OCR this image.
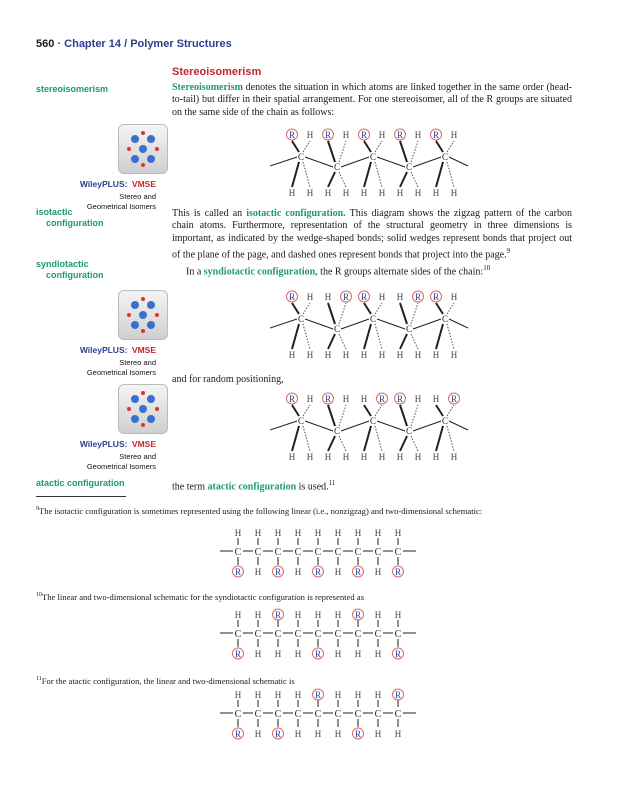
560 · Chapter 14 / Polymer Structures
Stereoisomerism
stereoisomerism
isotactic
configuration
syndiotactic
configuration
atactic configuration
WileyPLUS: VMSE
Stereo and
Geometrical Isomers
WileyPLUS: VMSE
Stereo and
Geometrical Isomers
WileyPLUS: VMSE
Stereo and
Geometrical Isomers
Stereoisomerism denotes the situation in which atoms are linked together in the same order (head-to-tail) but differ in their spatial arrangement. For one stereoisomer, all of the R groups are situated on the same side of the chain as follows:
R
H
H
H
R
H
H
H
R
H
H
H
R
H
H
H
R
H
H
H
C
C
C
C
C
This is called an isotactic configuration. This diagram shows the zigzag pattern of the carbon chain atoms. Furthermore, representation of the structural geometry in three dimensions is important, as indicated by the wedge-shaped bonds; solid wedges represent bonds that project out of the plane of the page, and dashed ones represent bonds that project into the page.$^9$
In a syndiotactic configuration, the R groups alternate sides of the chain:$^{10}$
R
H
H
H
H
H
R
H
R
H
H
H
H
H
R
H
R
H
H
H
C
C
C
C
C
and for random positioning,
R
H
H
H
R
H
H
H
H
H
R
H
R
H
H
H
H
H
R
H
C
C
C
C
C
the term atactic configuration is used.$^{11}$
$^9$The isotactic configuration is sometimes represented using the following linear (i.e., nonzigzag) and two-dimensional schematic:
C
H
R
C
H
H
C
H
R
C
H
H
C
H
R
C
H
H
C
H
R
C
H
H
C
H
R
$^{10}$The linear and two-dimensional schematic for the syndiotactic configuration is represented as
C
H
R
C
H
H
C
R
H
C
H
H
C
H
R
C
H
H
C
R
H
C
H
H
C
H
R
$^{11}$For the atactic configuration, the linear and two-dimensional schematic is
C
H
R
C
H
H
C
H
R
C
H
H
C
R
H
C
H
H
C
H
R
C
H
H
C
R
H
